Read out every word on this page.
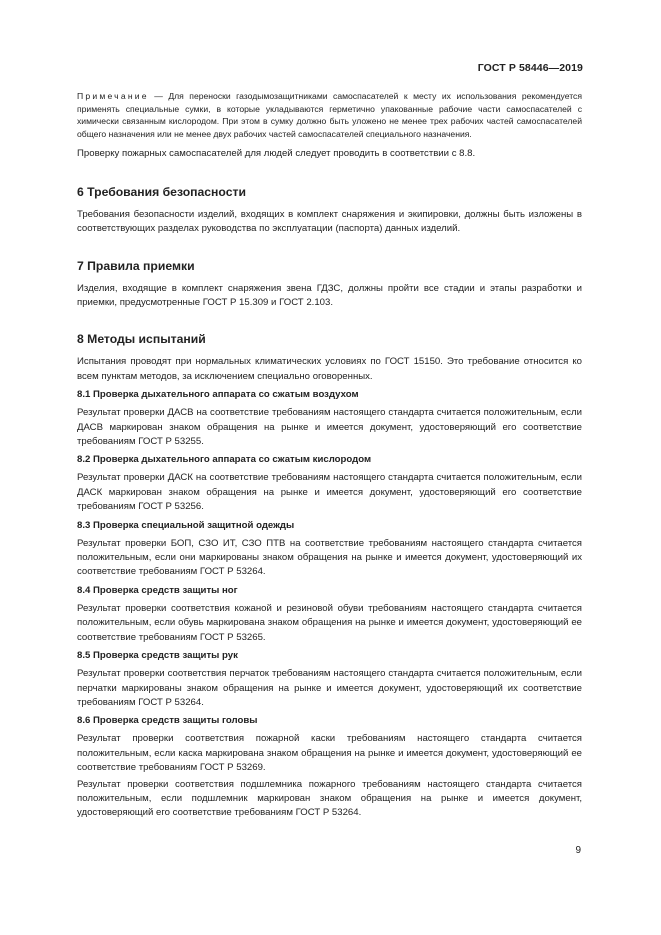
ГОСТ Р 58446—2019

Примечание — Для переноски газодымозащитниками самоспасателей к месту их использования рекомендуется применять специальные сумки, в которые укладываются герметично упакованные рабочие части самоспасателей с химически связанным кислородом. При этом в сумку должно быть уложено не менее трех рабочих частей самоспасателей общего назначения или не менее двух рабочих частей самоспасателей специального назначения.

Проверку пожарных самоспасателей для людей следует проводить в соответствии с 8.8.

6 Требования безопасности

Требования безопасности изделий, входящих в комплект снаряжения и экипировки, должны быть изложены в соответствующих разделах руководства по эксплуатации (паспорта) данных изделий.

7 Правила приемки

Изделия, входящие в комплект снаряжения звена ГДЗС, должны пройти все стадии и этапы разработки и приемки, предусмотренные ГОСТ Р 15.309 и ГОСТ 2.103.

8 Методы испытаний

Испытания проводят при нормальных климатических условиях по ГОСТ 15150. Это требование относится ко всем пунктам методов, за исключением специально оговоренных.

8.1 Проверка дыхательного аппарата со сжатым воздухом

Результат проверки ДАСВ на соответствие требованиям настоящего стандарта считается положительным, если ДАСВ маркирован знаком обращения на рынке и имеется документ, удостоверяющий его соответствие требованиям ГОСТ Р 53255.

8.2 Проверка дыхательного аппарата со сжатым кислородом

Результат проверки ДАСК на соответствие требованиям настоящего стандарта считается положительным, если ДАСК маркирован знаком обращения на рынке и имеется документ, удостоверяющий его соответствие требованиям ГОСТ Р 53256.

8.3 Проверка специальной защитной одежды

Результат проверки БОП, СЗО ИТ, СЗО ПТВ на соответствие требованиям настоящего стандарта считается положительным, если они маркированы знаком обращения на рынке и имеется документ, удостоверяющий их соответствие требованиям ГОСТ Р 53264.

8.4 Проверка средств защиты ног

Результат проверки соответствия кожаной и резиновой обуви требованиям настоящего стандарта считается положительным, если обувь маркирована знаком обращения на рынке и имеется документ, удостоверяющий ее соответствие требованиям ГОСТ Р 53265.

8.5 Проверка средств защиты рук

Результат проверки соответствия перчаток требованиям настоящего стандарта считается положительным, если перчатки маркированы знаком обращения на рынке и имеется документ, удостоверяющий их соответствие требованиям ГОСТ Р 53264.

8.6 Проверка средств защиты головы

Результат проверки соответствия пожарной каски требованиям настоящего стандарта считается положительным, если каска маркирована знаком обращения на рынке и имеется документ, удостоверяющий ее соответствие требованиям ГОСТ Р 53269.

Результат проверки соответствия подшлемника пожарного требованиям настоящего стандарта считается положительным, если подшлемник маркирован знаком обращения на рынке и имеется документ, удостоверяющий его соответствие требованиям ГОСТ Р 53264.

9
